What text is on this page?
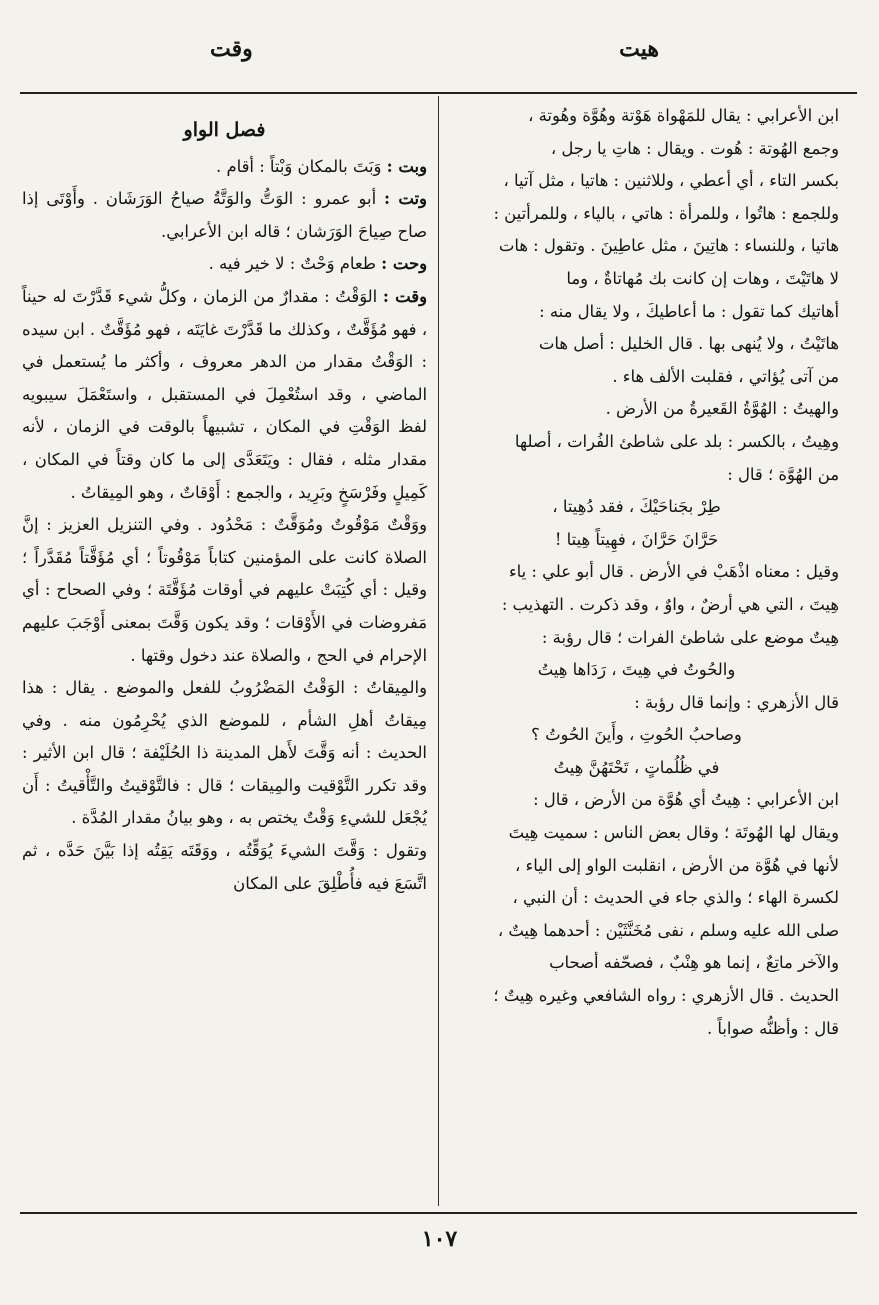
هيت
وقت

ابن الأعرابي : يقال للمَهْواة هَوْتة وهُوَّة وهُوتة ،

وجمع الهُوتة : هُوت . ويقال : هاتِ يا رجل ،

بكسر التاء ، أي أعطي ، وللاثنين : هاتيا ، مثل آتيا ،

وللجمع : هاتُوا ، وللمرأة : هاتي ، بالياء ، وللمرأتين :

هاتيا ، وللنساء : هاتِينَ ، مثل عاطِينَ . وتقول : هات

لا هاتَيْتَ ، وهات إن كانت بك مُهاتاةٌ ، وما

أهاتيك كما تقول : ما أعاطيكَ ، ولا يقال منه :

هاتَيْتُ ، ولا يُنهى بها . قال الخليل : أصل هات

من آتى يُؤاتي ، فقلبت الألف هاء .

والهيتُ : الهُوَّةُ القَعيرةُ من الأرض .

وهِيتُ ، بالكسر : بلد على شاطئ الفُرات ، أصلها

من الهُوَّة ؛ قال :

طِرْ بجَناحَيْكَ ، فقد دُهِيتا ،

حَرَّانَ حَرَّانَ ، فهِيتاً هِيتا !

وقيل : معناه اذْهَبْ في الأرض . قال أبو علي : ياء

هِيتَ ، التي هي أرضٌ ، واوٌ ، وقد ذكرت . التهذيب :

هِيتٌ موضع على شاطئ الفرات ؛ قال رؤبة :

والحُوتُ في هِيتَ ، رَدَاها هِيتُ

قال الأزهري : وإنما قال رؤبة :

وصاحبُ الحُوتِ ، وأَينَ الحُوتُ ؟

في ظُلُماتٍ ، تَحْتَهُنَّ هِيتُ

ابن الأعرابي : هِيتُ أي هُوَّة من الأرض ، قال :

ويقال لها الهُوتَة ؛ وقال بعض الناس : سميت هِيتَ

لأنها في هُوَّة من الأرض ، انقلبت الواو إلى الياء ،

لكسرة الهاء ؛ والذي جاء في الحديث : أن النبي ،

صلى الله عليه وسلم ، نفى مُخَنَّثَيْن : أحدهما هِيتٌ ،

والآخر ماتِعٌ ، إنما هو هِنْبٌ ، فصحّفه أصحاب

الحديث . قال الأزهري : رواه الشافعي وغيره هِيتٌ ؛

قال : وأظنُّه صواباً .

فصل الواو

وبت : وَبَتَ بالمكان وَبْتاً : أقام .

وتت : أبو عمرو : الوَتُّ والوَتَّةُ صياحُ الوَرَشَان . وأَوْتَى إذا صاح صِياحَ الوَرَشان ؛ قاله ابن الأعرابي.

وحت : طعام وَحْتٌ : لا خير فيه .

وقت : الوَقْتُ : مقدارٌ من الزمان ، وكلُّ شيء قَدَّرْتَ له حيناً ، فهو مُؤَقَّتٌ ، وكذلك ما قَدَّرْتَ غايَتَه ، فهو مُؤَقَّتٌ . ابن سيده : الوَقْتُ مقدار من الدهر معروف ، وأكثر ما يُستعمل في الماضي ، وقد استُعْمِلَ في المستقبل ، واستَعْمَلَ سيبويه لفظ الوَقْتِ في المكان ، تشبيهاً بالوقت في الزمان ، لأنه مقدار مثله ، فقال : ويَتَعَدَّى إلى ما كان وقتاً في المكان ، كَمِيلٍ وفَرْسَخٍ وبَرِيد ، والجمع : أَوْقاتٌ ، وهو المِيقاتُ .

ووَقْتٌ مَوْقُوتٌ ومُوَقَّتٌ : مَحْدُود . وفي التنزيل العزيز : إنَّ الصلاة كانت على المؤمنين كتاباً مَوْقُوتاً ؛ أي مُؤَقَّتاً مُقَدَّراً ؛ وقيل : أي كُتِبَتْ عليهم في أوقات مُؤَقَّتَة ؛ وفي الصحاح : أي مَفروضات في الأَوْقات ؛ وقد يكون وَقَّتَ بمعنى أَوْجَبَ عليهم الإحرام في الحج ، والصلاة عند دخول وقتها .

والمِيقاتُ : الوَقْتُ المَضْرُوبُ للفعل والموضع . يقال : هذا مِيقاتُ أهلِ الشأم ، للموضع الذي يُحْرِمُون منه . وفي الحديث : أنه وَقَّتَ لأَهل المدينة ذا الحُلَيْفة ؛ قال ابن الأثير : وقد تكرر التَّوْقيت والمِيقات ؛ قال : فالتَّوْقيتُ والتَّأْقيتُ : أَن يُجْعَل للشيءِ وَقْتٌ يختص به ، وهو بيانُ مقدار المُدَّة .

وتقول : وَقَّتَ الشيءَ يُوَقِّتُه ، ووَقَتَه يَقِتُه إذا بَيَّنَ حَدَّه ، ثم اتَّسَعَ فيه فأُطْلِقَ على المكان

١٠٧
